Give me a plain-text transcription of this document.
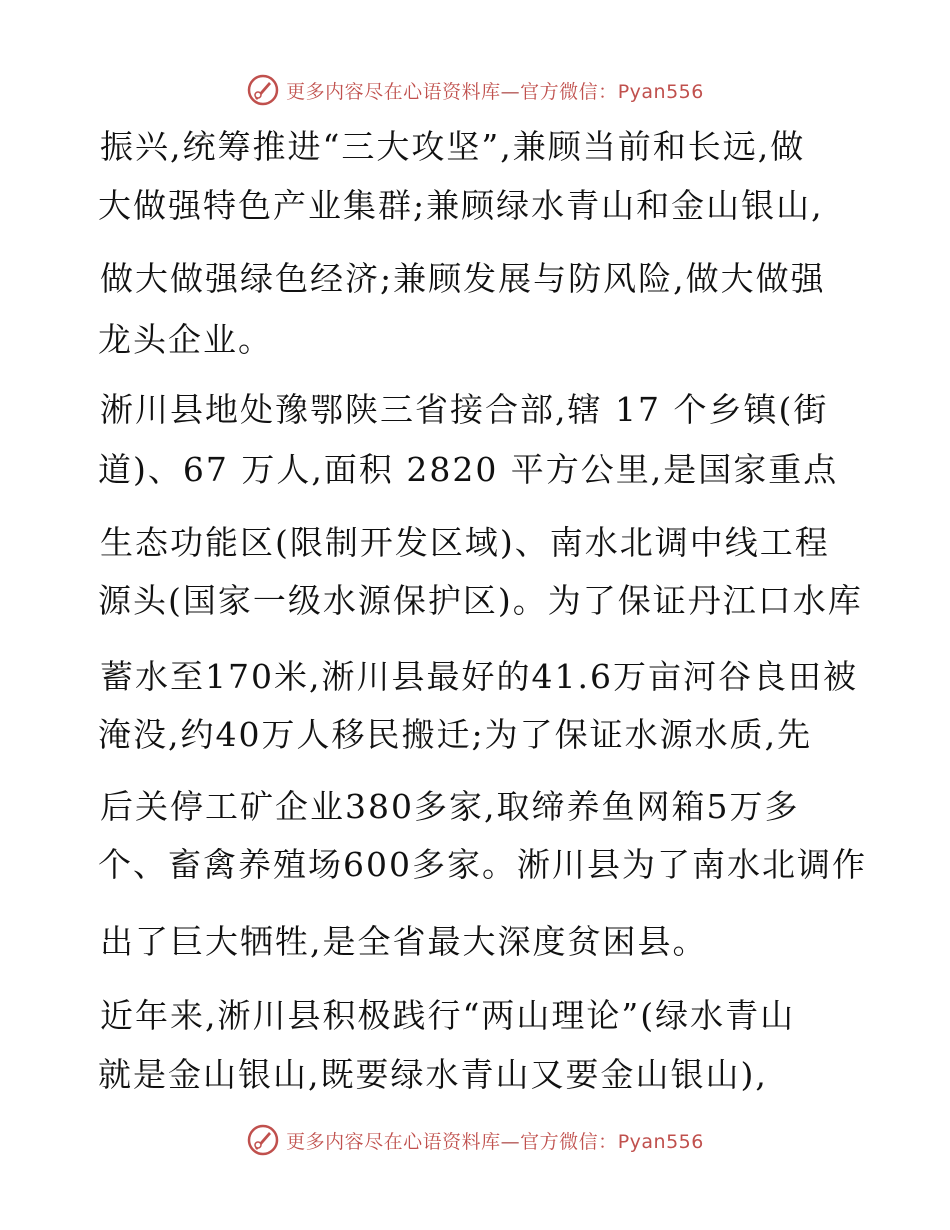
更多内容尽在心语资料库—官方微信：Pyan556
振兴,统筹推进“三大攻坚”,兼顾当前和长远,做
大做强特色产业集群;兼顾绿水青山和金山银山,
做大做强绿色经济;兼顾发展与防风险,做大做强
龙头企业。
淅川县地处豫鄂陕三省接合部,辖 17 个乡镇(街
道)、67 万人,面积 2820 平方公里,是国家重点
生态功能区(限制开发区域)、南水北调中线工程
源头(国家一级水源保护区)。为了保证丹江口水库
蓄水至170米,淅川县最好的41.6万亩河谷良田被
淹没,约40万人移民搬迁;为了保证水源水质,先
后关停工矿企业380多家,取缔养鱼网箱5万多
个、畜禽养殖场600多家。淅川县为了南水北调作
出了巨大牺牲,是全省最大深度贫困县。
近年来,淅川县积极践行“两山理论”(绿水青山
就是金山银山,既要绿水青山又要金山银山),
更多内容尽在心语资料库—官方微信：Pyan556
